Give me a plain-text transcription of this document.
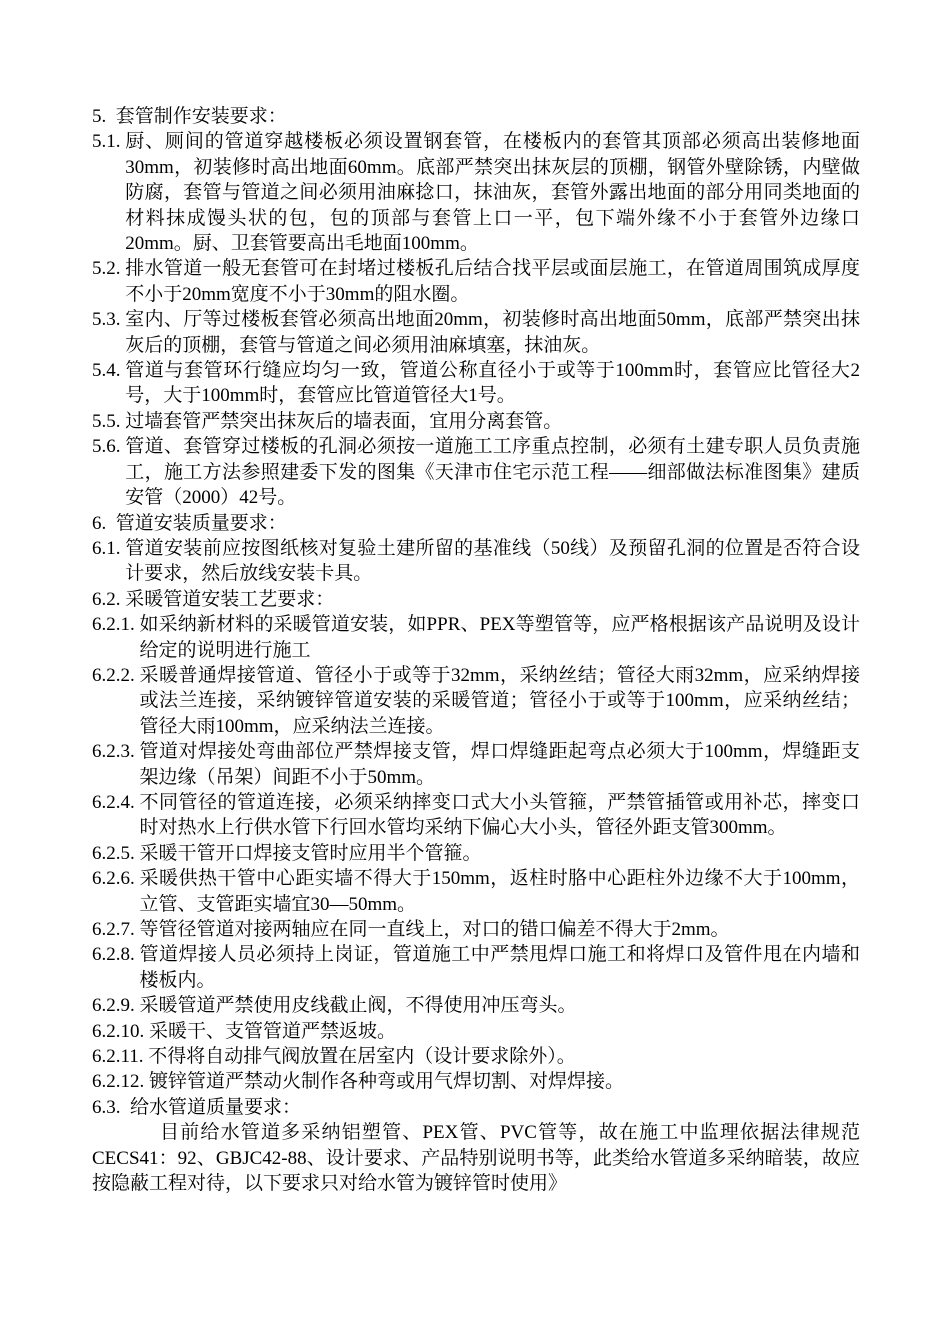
5. 套管制作安装要求：
5.1. 厨、厕间的管道穿越楼板必须设置钢套管，在楼板内的套管其顶部必须高出装修地面30mm，初装修时高出地面60mm。底部严禁突出抹灰层的顶棚，钢管外壁除锈，内壁做防腐，套管与管道之间必须用油麻捻口，抹油灰，套管外露出地面的部分用同类地面的材料抹成馒头状的包，包的顶部与套管上口一平，包下端外缘不小于套管外边缘口20mm。厨、卫套管要高出毛地面100mm。
5.2. 排水管道一般无套管可在封堵过楼板孔后结合找平层或面层施工，在管道周围筑成厚度不小于20mm宽度不小于30mm的阻水圈。
5.3. 室内、厅等过楼板套管必须高出地面20mm，初装修时高出地面50mm，底部严禁突出抹灰后的顶棚，套管与管道之间必须用油麻填塞，抹油灰。
5.4. 管道与套管环行缝应均匀一致，管道公称直径小于或等于100mm时，套管应比管径大2号，大于100mm时，套管应比管道管径大1号。
5.5. 过墙套管严禁突出抹灰后的墙表面，宜用分离套管。
5.6. 管道、套管穿过楼板的孔洞必须按一道施工工序重点控制，必须有土建专职人员负责施工，施工方法参照建委下发的图集《天津市住宅示范工程——细部做法标准图集》建质安管（2000）42号。
6. 管道安装质量要求：
6.1. 管道安装前应按图纸核对复验土建所留的基准线（50线）及预留孔洞的位置是否符合设计要求，然后放线安装卡具。
6.2. 采暖管道安装工艺要求：
6.2.1. 如采纳新材料的采暖管道安装，如PPR、PEX等塑管等，应严格根据该产品说明及设计给定的说明进行施工
6.2.2. 采暖普通焊接管道、管径小于或等于32mm，采纳丝结；管径大雨32mm，应采纳焊接或法兰连接，采纳镀锌管道安装的采暖管道；管径小于或等于100mm，应采纳丝结；管径大雨100mm，应采纳法兰连接。
6.2.3. 管道对焊接处弯曲部位严禁焊接支管，焊口焊缝距起弯点必须大于100mm，焊缝距支架边缘（吊架）间距不小于50mm。
6.2.4. 不同管径的管道连接，必须采纳摔变口式大小头管箍，严禁管插管或用补芯，摔变口时对热水上行供水管下行回水管均采纳下偏心大小头，管径外距支管300mm。
6.2.5. 采暖干管开口焊接支管时应用半个管箍。
6.2.6. 采暖供热干管中心距实墙不得大于150mm，返柱时胳中心距柱外边缘不大于100mm，立管、支管距实墙宜30—50mm。
6.2.7. 等管径管道对接两轴应在同一直线上，对口的错口偏差不得大于2mm。
6.2.8. 管道焊接人员必须持上岗证，管道施工中严禁甩焊口施工和将焊口及管件甩在内墙和楼板内。
6.2.9. 采暖管道严禁使用皮线截止阀，不得使用冲压弯头。
6.2.10. 采暖干、支管管道严禁返坡。
6.2.11. 不得将自动排气阀放置在居室内（设计要求除外）。
6.2.12. 镀锌管道严禁动火制作各种弯或用气焊切割、对焊焊接。
6.3. 给水管道质量要求：

目前给水管道多采纳铝塑管、PEX管、PVC管等，故在施工中监理依据法律规范CECS41：92、GBJC42-88、设计要求、产品特别说明书等，此类给水管道多采纳暗装，故应按隐蔽工程对待，以下要求只对给水管为镀锌管时使用》
